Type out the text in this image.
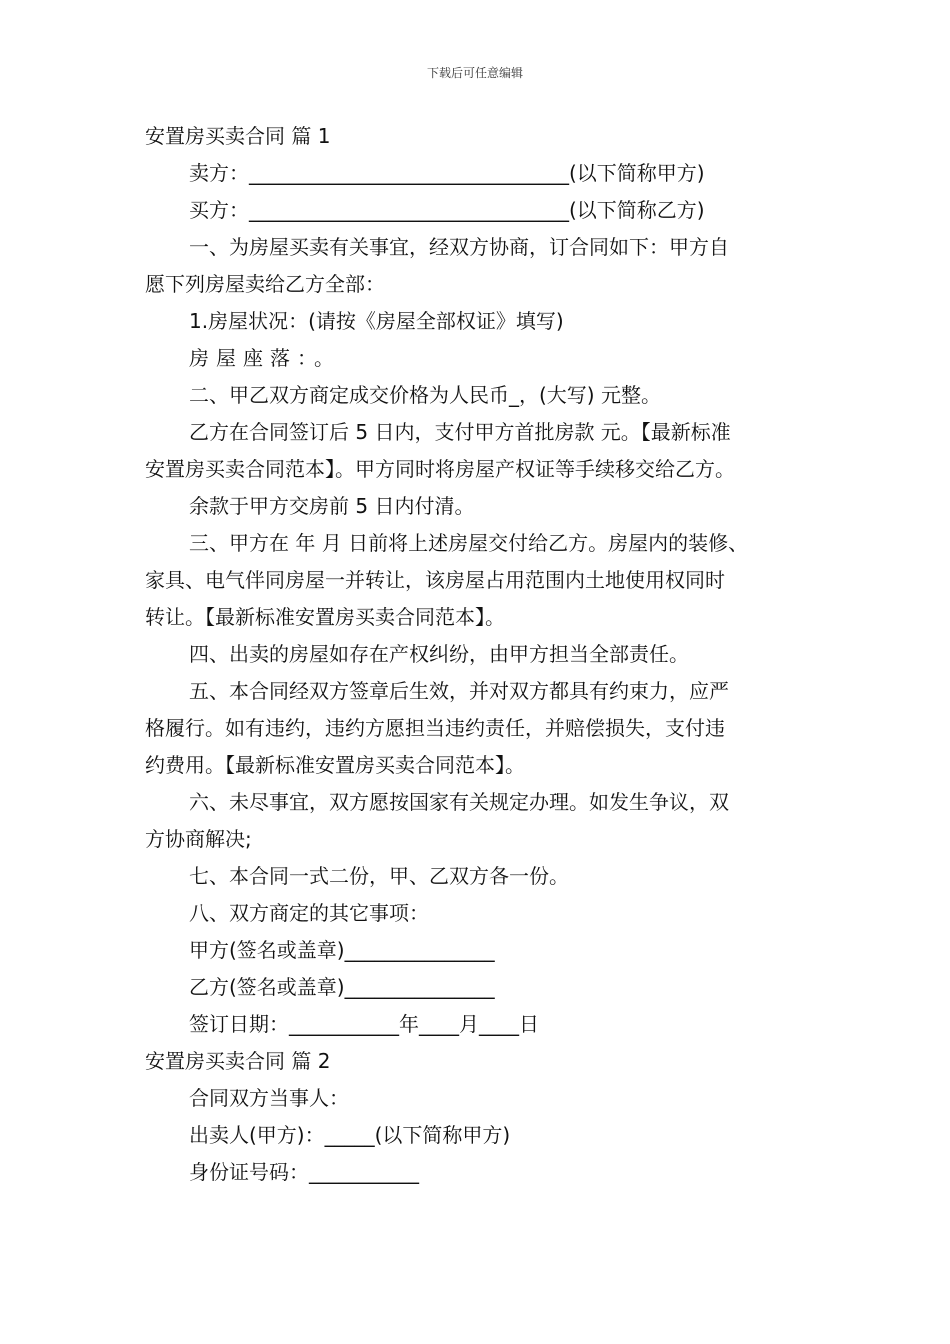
下载后可任意编辑
安置房买卖合同 篇 1
卖方：________________________________(以下简称甲方)
买方：________________________________(以下简称乙方)
一、为房屋买卖有关事宜，经双方协商，订合同如下：甲方自
愿下列房屋卖给乙方全部：
1.房屋状况：(请按《房屋全部权证》填写)
房屋座落：。
二、甲乙双方商定成交价格为人民币_，(大写) 元整。
乙方在合同签订后 5 日内，支付甲方首批房款 元。【最新标准
安置房买卖合同范本】。甲方同时将房屋产权证等手续移交给乙方。
余款于甲方交房前 5 日内付清。
三、甲方在 年 月 日前将上述房屋交付给乙方。房屋内的装修、
家具、电气伴同房屋一并转让，该房屋占用范围内土地使用权同时
转让。【最新标准安置房买卖合同范本】。
四、出卖的房屋如存在产权纠纷，由甲方担当全部责任。
五、本合同经双方签章后生效，并对双方都具有约束力，应严
格履行。如有违约，违约方愿担当违约责任，并赔偿损失，支付违
约费用。【最新标准安置房买卖合同范本】。
六、未尽事宜，双方愿按国家有关规定办理。如发生争议，双
方协商解决;
七、本合同一式二份，甲、乙双方各一份。
八、双方商定的其它事项：
甲方(签名或盖章)_______________
乙方(签名或盖章)_______________
签订日期：___________年____月____日
安置房买卖合同 篇 2
合同双方当事人：
出卖人(甲方)：_____(以下简称甲方)
身份证号码：___________
